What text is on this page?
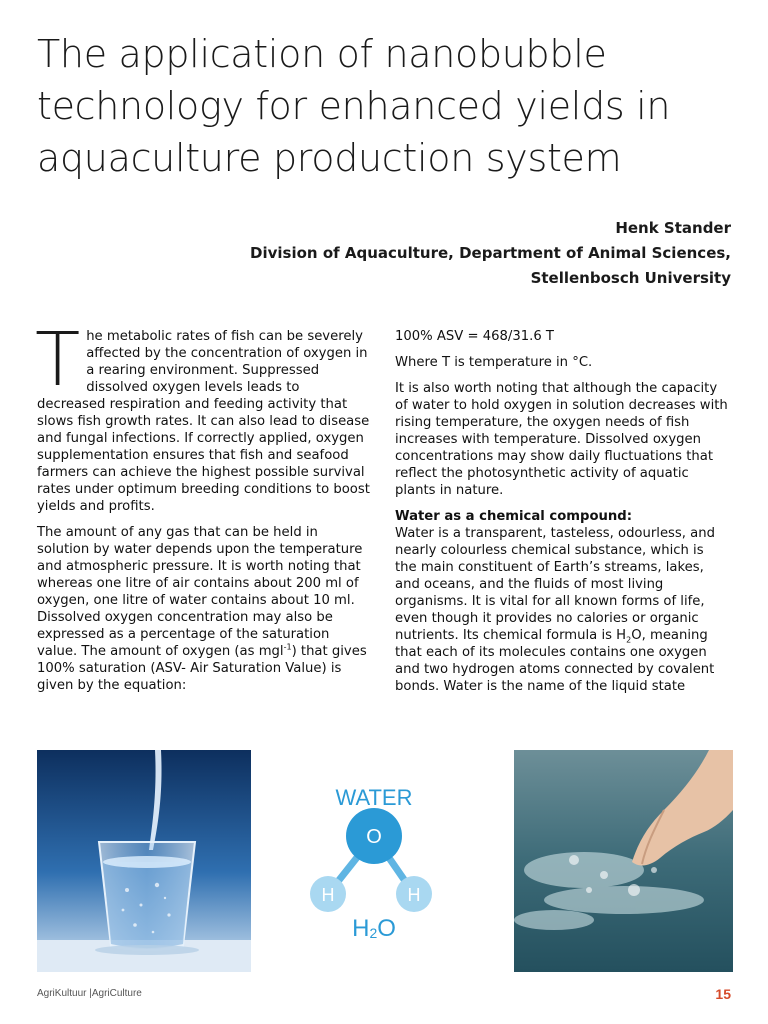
The application of nanobubble technology for enhanced yields in aquaculture production system
Henk Stander
Division of Aquaculture, Department of Animal Sciences,
Stellenbosch University

The metabolic rates of fish can be severely affected by the concentration of oxygen in a rearing environment. Suppressed dissolved oxygen levels leads to decreased respiration and feeding activity that slows fish growth rates. It can also lead to disease and fungal infections. If correctly applied, oxygen supplementation ensures that fish and seafood farmers can achieve the highest possible survival rates under optimum breeding conditions to boost yields and profits.

The amount of any gas that can be held in solution by water depends upon the temperature and atmospheric pressure. It is worth noting that whereas one litre of air contains about 200 ml of oxygen, one litre of water contains about 10 ml. Dissolved oxygen concentration may also be expressed as a percentage of the saturation value. The amount of oxygen (as mgl$^{-1}$) that gives 100% saturation (ASV- Air Saturation Value) is given by the equation:

100% ASV = 468/31.6 T

Where T is temperature in °C.

It is also worth noting that although the capacity of water to hold oxygen in solution decreases with rising temperature, the oxygen needs of fish increases with temperature. Dissolved oxygen concentrations may show daily fluctuations that reflect the photosynthetic activity of aquatic plants in nature.

Water as a chemical compound:
Water is a transparent, tasteless, odourless, and nearly colourless chemical substance, which is the main constituent of Earth’s streams, lakes, and oceans, and the fluids of most living organisms. It is vital for all known forms of life, even though it provides no calories or organic nutrients. Its chemical formula is $H_2O$, meaning that each of its molecules contains one oxygen and two hydrogen atoms connected by covalent bonds. Water is the name of the liquid state

WATER
O
H	H
H2O
AgriKultuur |AgriCulture	15
